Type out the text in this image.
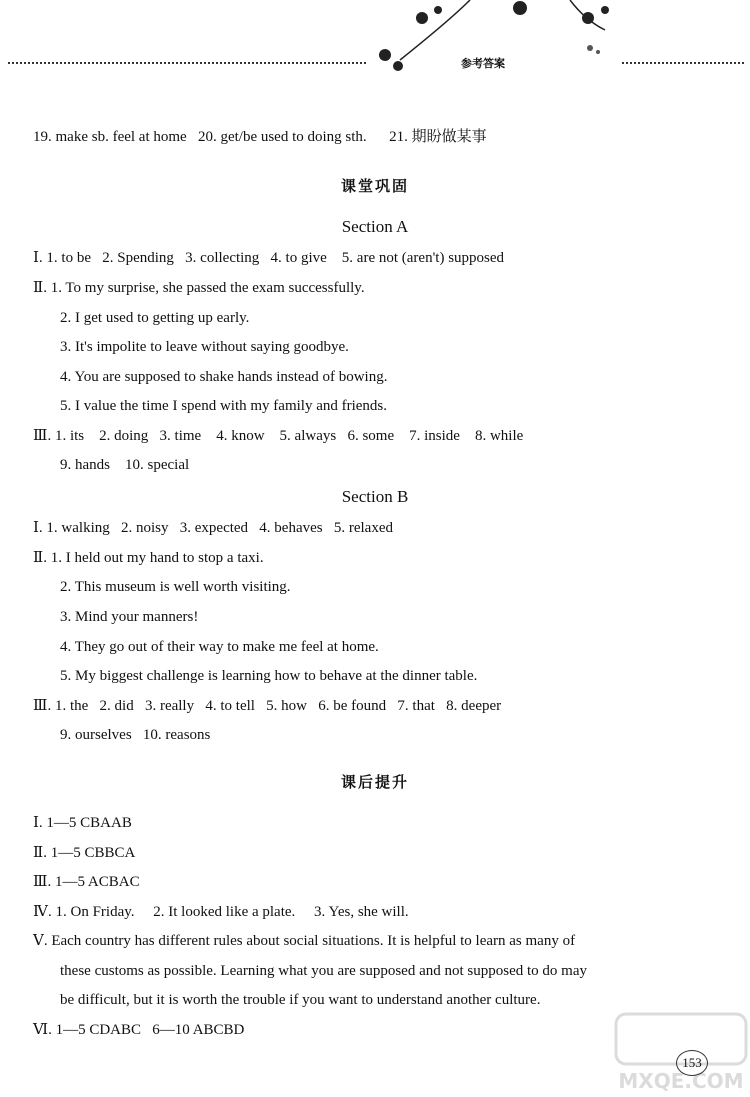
参考答案
19. make sb. feel at home   20. get/be used to doing sth.      21. 期盼做某事
课堂巩固
Section A
Ⅰ. 1. to be   2. Spending   3. collecting   4. to give    5. are not (aren't) supposed
Ⅱ. 1. To my surprise, she passed the exam successfully.
2. I get used to getting up early.
3. It's impolite to leave without saying goodbye.
4. You are supposed to shake hands instead of bowing.
5. I value the time I spend with my family and friends.
Ⅲ. 1. its    2. doing   3. time    4. know    5. always   6. some    7. inside    8. while
9. hands    10. special
Section B
Ⅰ. 1. walking   2. noisy   3. expected   4. behaves   5. relaxed
Ⅱ. 1. I held out my hand to stop a taxi.
2. This museum is well worth visiting.
3. Mind your manners!
4. They go out of their way to make me feel at home.
5. My biggest challenge is learning how to behave at the dinner table.
Ⅲ. 1. the   2. did   3. really   4. to tell   5. how   6. be found   7. that   8. deeper
9. ourselves   10. reasons
课后提升
Ⅰ. 1—5 CBAAB
Ⅱ. 1—5 CBBCA
Ⅲ. 1—5 ACBAC
Ⅳ. 1. On Friday.     2. It looked like a plate.     3. Yes, she will.
Ⅴ. Each country has different rules about social situations. It is helpful to learn as many of
these customs as possible. Learning what you are supposed and not supposed to do may
be difficult, but it is worth the trouble if you want to understand another culture.
Ⅵ. 1—5 CDABC   6—10 ABCBD
MXQE.COM
153
